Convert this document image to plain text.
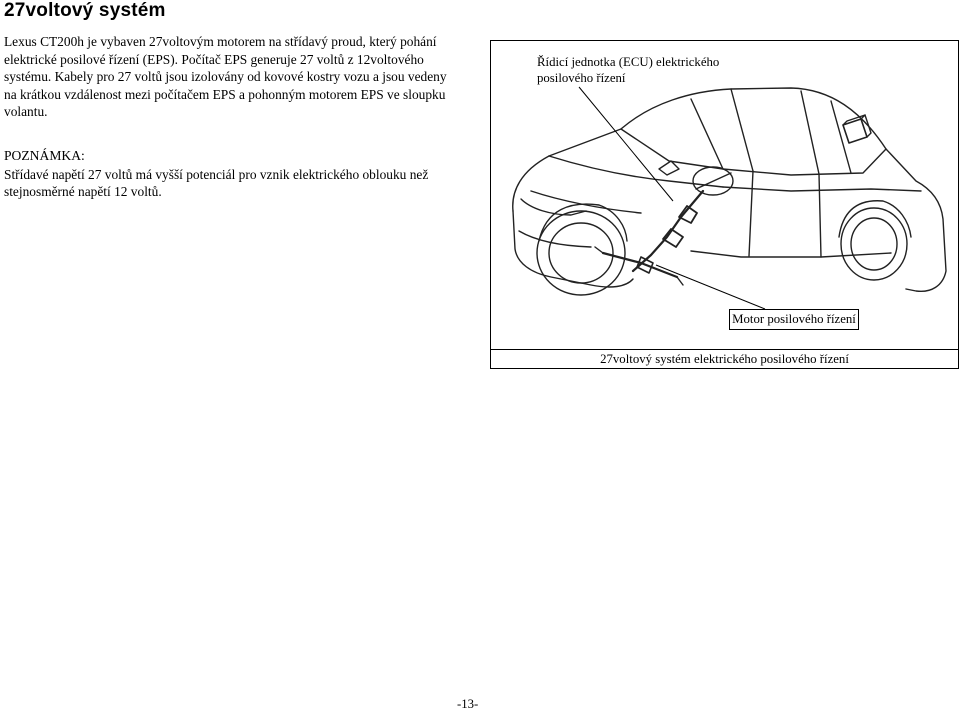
27voltový systém

Lexus CT200h je vybaven 27voltovým motorem na střídavý proud, který pohání elektrické posilové řízení (EPS). Počítač EPS generuje 27 voltů z 12voltového systému. Kabely pro 27 voltů jsou izolovány od kovové kostry vozu a jsou vedeny na krátkou vzdálenost mezi počítačem EPS a pohonným motorem EPS ve sloupku volantu.

POZNÁMKA:

Střídavé napětí 27 voltů má vyšší potenciál pro vznik elektrického oblouku než stejnosměrné napětí 12 voltů.

Řídicí jednotka (ECU) elektrického posilového řízení
Motor posilového řízení
27voltový systém elektrického posilového řízení
-13-
